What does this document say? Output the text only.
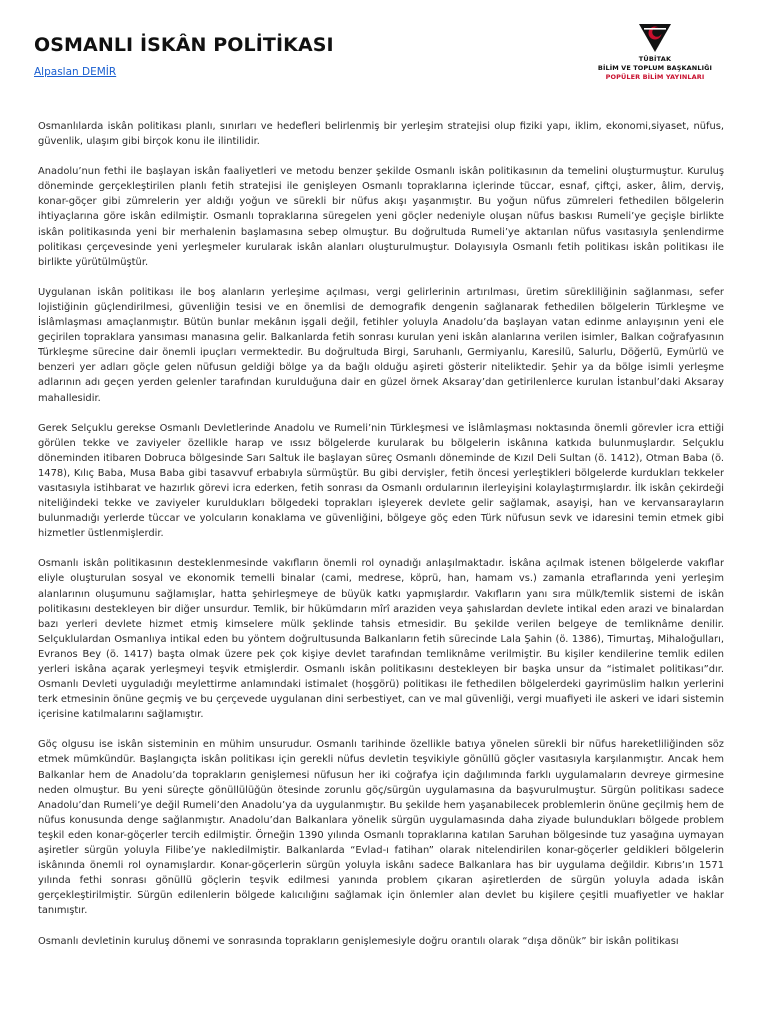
OSMANLI İSKÂN POLİTİKASI
Alpaslan DEMİR
TÜBİTAK
BİLİM VE TOPLUM BAŞKANLIĞI
POPÜLER BİLİM YAYINLARI

Osmanlılarda iskân politikası planlı, sınırları ve hedefleri belirlenmiş bir yerleşim stratejisi olup fiziki yapı, iklim, ekonomi,siyaset, nüfus, güvenlik, ulaşım gibi birçok konu ile ilintilidir.

Anadolu’nun fethi ile başlayan iskân faaliyetleri ve metodu benzer şekilde Osmanlı iskân politikasının da temelini oluşturmuştur. Kuruluş döneminde gerçekleştirilen planlı fetih stratejisi ile genişleyen Osmanlı topraklarına içlerinde tüccar, esnaf, çiftçi, asker, âlim, derviş, konar-göçer gibi zümrelerin yer aldığı yoğun ve sürekli bir nüfus akışı yaşanmıştır. Bu yoğun nüfus zümreleri fethedilen bölgelerin ihtiyaçlarına göre iskân edilmiştir. Osmanlı topraklarına süregelen yeni göçler nedeniyle oluşan nüfus baskısı Rumeli’ye geçişle birlikte iskân politikasında yeni bir merhalenin başlamasına sebep olmuştur. Bu doğrultuda Rumeli’ye aktarılan nüfus vasıtasıyla şenlendirme politikası çerçevesinde yeni yerleşmeler kurularak iskân alanları oluşturulmuştur. Dolayısıyla Osmanlı fetih politikası iskân politikası ile birlikte yürütülmüştür.

Uygulanan iskân politikası ile boş alanların yerleşime açılması, vergi gelirlerinin artırılması, üretim sürekliliğinin sağlanması, sefer lojistiğinin güçlendirilmesi, güvenliğin tesisi ve en önemlisi de demografik dengenin sağlanarak fethedilen bölgelerin Türkleşme ve İslâmlaşması amaçlanmıştır. Bütün bunlar mekânın işgali değil, fetihler yoluyla Anadolu’da başlayan vatan edinme anlayışının yeni ele geçirilen topraklara yansıması manasına gelir. Balkanlarda fetih sonrası kurulan yeni iskân alanlarına verilen isimler, Balkan coğrafyasının Türkleşme sürecine dair önemli ipuçları vermektedir. Bu doğrultuda Birgi, Saruhanlı, Germiyanlu, Karesilü, Salurlu, Döğerlü, Eymürlü ve benzeri yer adları göçle gelen nüfusun geldiği bölge ya da bağlı olduğu aşireti gösterir niteliktedir. Şehir ya da bölge isimli yerleşme adlarının adı geçen yerden gelenler tarafından kurulduğuna dair en güzel örnek Aksaray’dan getirilenlerce kurulan İstanbul’daki Aksaray mahallesidir.

Gerek Selçuklu gerekse Osmanlı Devletlerinde Anadolu ve Rumeli’nin Türkleşmesi ve İslâmlaşması noktasında önemli görevler icra ettiği görülen tekke ve zaviyeler özellikle harap ve ıssız bölgelerde kurularak bu bölgelerin iskânına katkıda bulunmuşlardır. Selçuklu döneminden itibaren Dobruca bölgesinde Sarı Saltuk ile başlayan süreç Osmanlı döneminde de Kızıl Deli Sultan (ö. 1412), Otman Baba (ö. 1478), Kılıç Baba, Musa Baba gibi tasavvuf erbabıyla sürmüştür. Bu gibi dervişler, fetih öncesi yerleştikleri bölgelerde kurdukları tekkeler vasıtasıyla istihbarat ve hazırlık görevi icra ederken, fetih sonrası da Osmanlı ordularının ilerleyişini kolaylaştırmışlardır. İlk iskân çekirdeği niteliğindeki tekke ve zaviyeler kuruldukları bölgedeki toprakları işleyerek devlete gelir sağlamak, asayişi, han ve kervansarayların bulunmadığı yerlerde tüccar ve yolcuların konaklama ve güvenliğini, bölgeye göç eden Türk nüfusun sevk ve idaresini temin etmek gibi hizmetler üstlenmişlerdir.

Osmanlı iskân politikasının desteklenmesinde vakıfların önemli rol oynadığı anlaşılmaktadır. İskâna açılmak istenen bölgelerde vakıflar eliyle oluşturulan sosyal ve ekonomik temelli binalar (cami, medrese, köprü, han, hamam vs.) zamanla etraflarında yeni yerleşim alanlarının oluşumunu sağlamışlar, hatta şehirleşmeye de büyük katkı yapmışlardır. Vakıfların yanı sıra mülk/temlik sistemi de iskân politikasını destekleyen bir diğer unsurdur. Temlik, bir hükümdarın mîrî araziden veya şahıslardan devlete intikal eden arazi ve binalardan bazı yerleri devlete hizmet etmiş kimselere mülk şeklinde tahsis etmesidir. Bu şekilde verilen belgeye de temliknâme denilir. Selçuklulardan Osmanlıya intikal eden bu yöntem doğrultusunda Balkanların fetih sürecinde Lala Şahin (ö. 1386), Timurtaş, Mihaloğulları, Evranos Bey (ö. 1417) başta olmak üzere pek çok kişiye devlet tarafından temliknâme verilmiştir. Bu kişiler kendilerine temlik edilen yerleri iskâna açarak yerleşmeyi teşvik etmişlerdir. Osmanlı iskân politikasını destekleyen bir başka unsur da “istimalet politikası”dır. Osmanlı Devleti uyguladığı meylettirme anlamındaki istimalet (hoşgörü) politikası ile fethedilen bölgelerdeki gayrimüslim halkın yerlerini terk etmesinin önüne geçmiş ve bu çerçevede uygulanan dini serbestiyet, can ve mal güvenliği, vergi muafiyeti ile askeri ve idari sistemin içerisine katılmalarını sağlamıştır.

Göç olgusu ise iskân sisteminin en mühim unsurudur. Osmanlı tarihinde özellikle batıya yönelen sürekli bir nüfus hareketliliğinden söz etmek mümkündür. Başlangıçta iskân politikası için gerekli nüfus devletin teşvikiyle gönüllü göçler vasıtasıyla karşılanmıştır. Ancak hem Balkanlar hem de Anadolu’da toprakların genişlemesi nüfusun her iki coğrafya için dağılımında farklı uygulamaların devreye girmesine neden olmuştur. Bu yeni süreçte gönüllülüğün ötesinde zorunlu göç/sürgün uygulamasına da başvurulmuştur. Sürgün politikası sadece Anadolu’dan Rumeli’ye değil Rumeli’den Anadolu’ya da uygulanmıştır. Bu şekilde hem yaşanabilecek problemlerin önüne geçilmiş hem de nüfus konusunda denge sağlanmıştır. Anadolu’dan Balkanlara yönelik sürgün uygulamasında daha ziyade bulundukları bölgede problem teşkil eden konar-göçerler tercih edilmiştir. Örneğin 1390 yılında Osmanlı topraklarına katılan Saruhan bölgesinde tuz yasağına uymayan aşiretler sürgün yoluyla Filibe’ye nakledilmiştir. Balkanlarda “Evlad-ı fatihan” olarak nitelendirilen konar-göçerler geldikleri bölgelerin iskânında önemli rol oynamışlardır. Konar-göçerlerin sürgün yoluyla iskânı sadece Balkanlara has bir uygulama değildir. Kıbrıs’ın 1571 yılında fethi sonrası gönüllü göçlerin teşvik edilmesi yanında problem çıkaran aşiretlerden de sürgün yoluyla adada iskân gerçekleştirilmiştir. Sürgün edilenlerin bölgede kalıcılığını sağlamak için önlemler alan devlet bu kişilere çeşitli muafiyetler ve haklar tanımıştır.

Osmanlı devletinin kuruluş dönemi ve sonrasında toprakların genişlemesiyle doğru orantılı olarak “dışa dönük” bir iskân politikası
